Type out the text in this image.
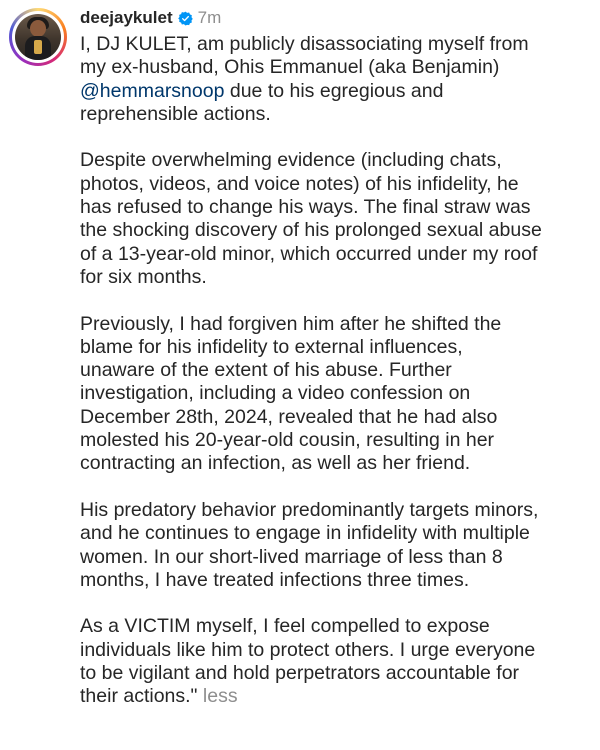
deejaykulet 7m
I, DJ KULET, am publicly disassociating myself from
my ex-husband, Ohis Emmanuel (aka Benjamin)
@hemmarsnoop due to his egregious and
reprehensible actions.
Despite overwhelming evidence (including chats,
photos, videos, and voice notes) of his infidelity, he
has refused to change his ways. The final straw was
the shocking discovery of his prolonged sexual abuse
of a 13-year-old minor, which occurred under my roof
for six months.
Previously, I had forgiven him after he shifted the
blame for his infidelity to external influences,
unaware of the extent of his abuse. Further
investigation, including a video confession on
December 28th, 2024, revealed that he had also
molested his 20-year-old cousin, resulting in her
contracting an infection, as well as her friend.
His predatory behavior predominantly targets minors,
and he continues to engage in infidelity with multiple
women. In our short-lived marriage of less than 8
months, I have treated infections three times.
As a VICTIM myself, I feel compelled to expose
individuals like him to protect others. I urge everyone
to be vigilant and hold perpetrators accountable for
their actions." less
